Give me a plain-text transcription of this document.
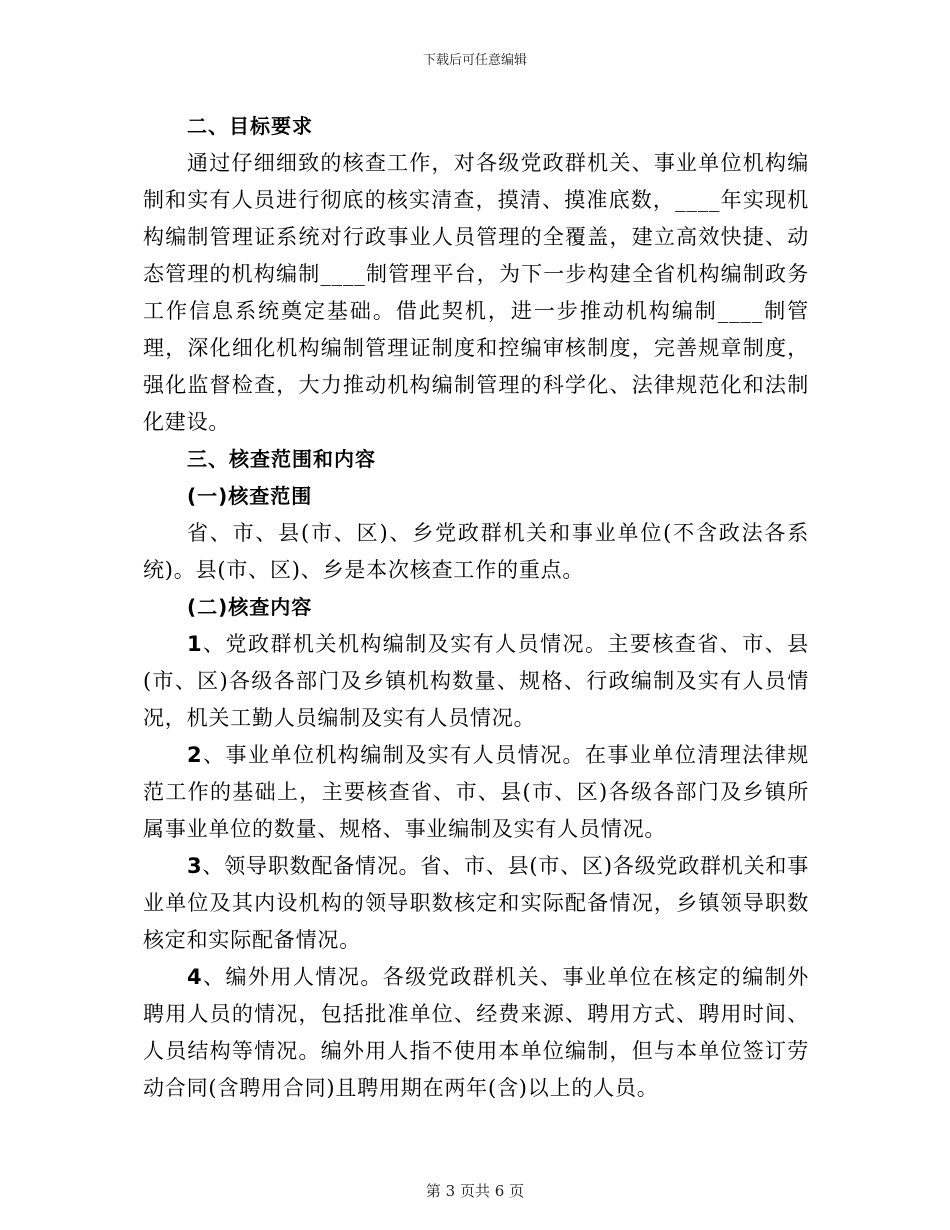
下载后可任意编辑
二、目标要求

通过仔细细致的核查工作，对各级党政群机关、事业单位机构编制和实有人员进行彻底的核实清查，摸清、摸准底数，____年实现机构编制管理证系统对行政事业人员管理的全覆盖，建立高效快捷、动态管理的机构编制____制管理平台，为下一步构建全省机构编制政务工作信息系统奠定基础。借此契机，进一步推动机构编制____制管理，深化细化机构编制管理证制度和控编审核制度，完善规章制度，强化监督检查，大力推动机构编制管理的科学化、法律规范化和法制化建设。

三、核查范围和内容
(一)核查范围

省、市、县(市、区)、乡党政群机关和事业单位(不含政法各系统)。县(市、区)、乡是本次核查工作的重点。

(二)核查内容

1、党政群机关机构编制及实有人员情况。主要核查省、市、县(市、区)各级各部门及乡镇机构数量、规格、行政编制及实有人员情况，机关工勤人员编制及实有人员情况。

2、事业单位机构编制及实有人员情况。在事业单位清理法律规范工作的基础上，主要核查省、市、县(市、区)各级各部门及乡镇所属事业单位的数量、规格、事业编制及实有人员情况。

3、领导职数配备情况。省、市、县(市、区)各级党政群机关和事业单位及其内设机构的领导职数核定和实际配备情况，乡镇领导职数核定和实际配备情况。

4、编外用人情况。各级党政群机关、事业单位在核定的编制外聘用人员的情况，包括批准单位、经费来源、聘用方式、聘用时间、人员结构等情况。编外用人指不使用本单位编制，但与本单位签订劳动合同(含聘用合同)且聘用期在两年(含)以上的人员。

第 3 页共 6 页
